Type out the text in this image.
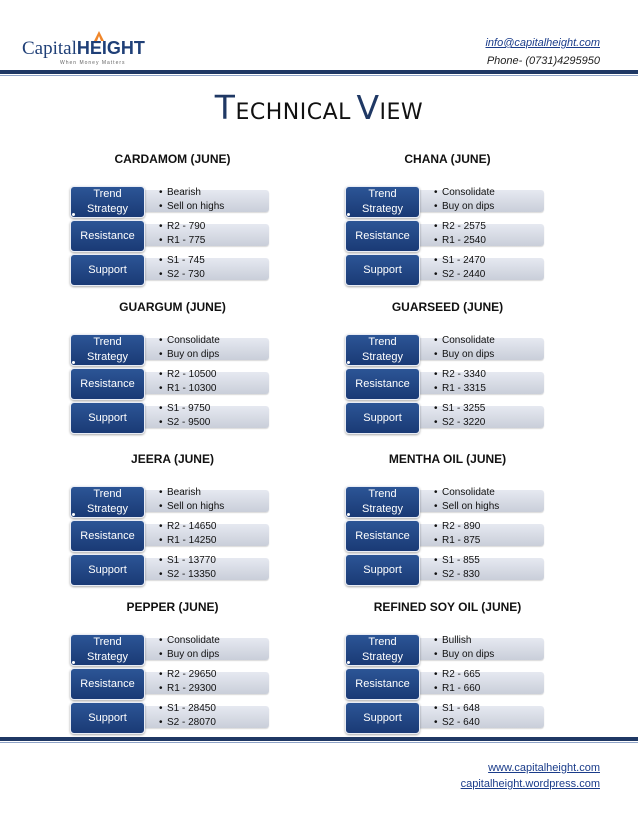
CapitalHEIGHT
When Money Matters
info@capitalheight.com
Phone- (0731)4295950
TECHNICAL VIEW
CARDAMOM (JUNE)
• Bearish
• Sell on highs
Trend
Strategy
• R2 - 790
• R1 - 775
Resistance
• S1 - 745
• S2 - 730
Support
CHANA (JUNE)
• Consolidate
• Buy on dips
Trend
Strategy
• R2 - 2575
• R1 - 2540
Resistance
• S1 - 2470
• S2 - 2440
Support
GUARGUM (JUNE)
• Consolidate
• Buy on dips
Trend
Strategy
• R2 - 10500
• R1 - 10300
Resistance
• S1 - 9750
• S2 - 9500
Support
GUARSEED (JUNE)
• Consolidate
• Buy on dips
Trend
Strategy
• R2 - 3340
• R1 - 3315
Resistance
• S1 - 3255
• S2 - 3220
Support
JEERA (JUNE)
• Bearish
• Sell on highs
Trend
Strategy
• R2 - 14650
• R1 - 14250
Resistance
• S1 - 13770
• S2 - 13350
Support
MENTHA OIL (JUNE)
• Consolidate
• Sell on highs
Trend
Strategy
• R2 - 890
• R1 - 875
Resistance
• S1 - 855
• S2 - 830
Support
PEPPER (JUNE)
• Consolidate
• Buy on dips
Trend
Strategy
• R2 - 29650
• R1 - 29300
Resistance
• S1 - 28450
• S2 - 28070
Support
REFINED SOY OIL (JUNE)
• Bullish
• Buy on dips
Trend
Strategy
• R2 - 665
• R1 - 660
Resistance
• S1 - 648
• S2 - 640
Support
www.capitalheight.com
capitalheight.wordpress.com
